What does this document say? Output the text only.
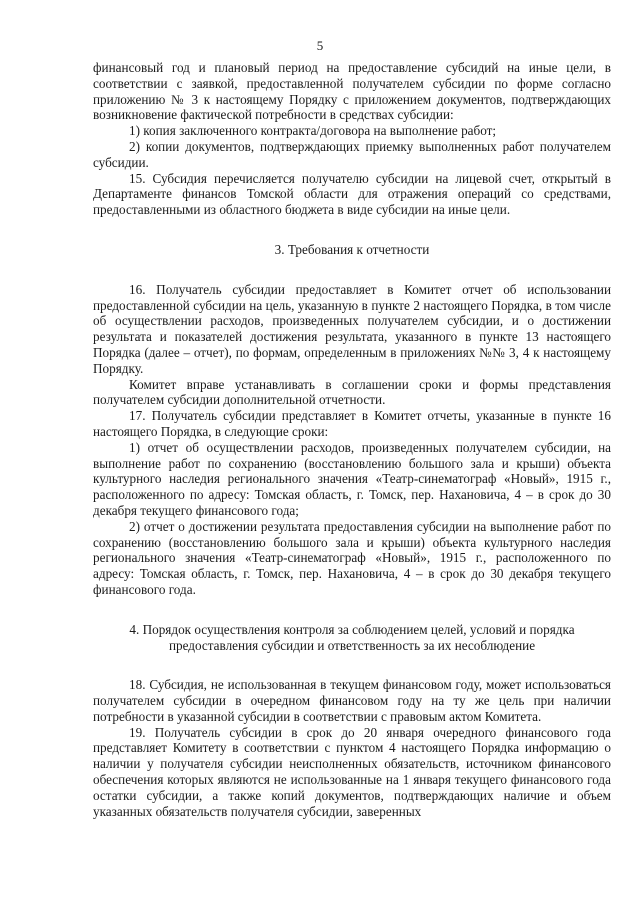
5

финансовый год и плановый период на предоставление субсидий на иные цели, в соответствии с заявкой, предоставленной получателем субсидии по форме согласно приложению № 3 к настоящему Порядку с приложением документов, подтверждающих возникновение фактической потребности в средствах субсидии:

1) копия заключенного контракта/договора на выполнение работ;

2) копии документов, подтверждающих приемку выполненных работ получателем субсидии.

15. Субсидия перечисляется получателю субсидии на лицевой счет, открытый в Департаменте финансов Томской области для отражения операций со средствами, предоставленными из областного бюджета в виде субсидии на иные цели.

3. Требования к отчетности

16. Получатель субсидии предоставляет в Комитет отчет об использовании предоставленной субсидии на цель, указанную в пункте 2 настоящего Порядка, в том числе об осуществлении расходов, произведенных получателем субсидии, и о достижении результата и показателей достижения результата, указанного в пункте 13 настоящего Порядка (далее – отчет), по формам, определенным в приложениях №№ 3, 4 к настоящему Порядку.

Комитет вправе устанавливать в соглашении сроки и формы представления получателем субсидии дополнительной отчетности.

17. Получатель субсидии представляет в Комитет отчеты, указанные в пункте 16 настоящего Порядка, в следующие сроки:

1) отчет об осуществлении расходов, произведенных получателем субсидии, на выполнение работ по сохранению (восстановлению большого зала и крыши) объекта культурного наследия регионального значения «Театр-синематограф «Новый», 1915 г., расположенного по адресу: Томская область, г. Томск, пер. Нахановича, 4 – в срок до 30 декабря текущего финансового года;

2) отчет о достижении результата предоставления субсидии на выполнение работ по сохранению (восстановлению большого зала и крыши) объекта культурного наследия регионального значения «Театр-синематограф «Новый», 1915 г., расположенного по адресу: Томская область, г. Томск, пер. Нахановича, 4 – в срок до 30 декабря текущего финансового года.

4. Порядок осуществления контроля за соблюдением целей, условий и порядка предоставления субсидии и ответственность за их несоблюдение

18. Субсидия, не использованная в текущем финансовом году, может использоваться получателем субсидии в очередном финансовом году на ту же цель при наличии потребности в указанной субсидии в соответствии с правовым актом Комитета.

19. Получатель субсидии в срок до 20 января очередного финансового года представляет Комитету в соответствии с пунктом 4 настоящего Порядка информацию о наличии у получателя субсидии неисполненных обязательств, источником финансового обеспечения которых являются не использованные на 1 января текущего финансового года остатки субсидии, а также копий документов, подтверждающих наличие и объем указанных обязательств получателя субсидии, заверенных
